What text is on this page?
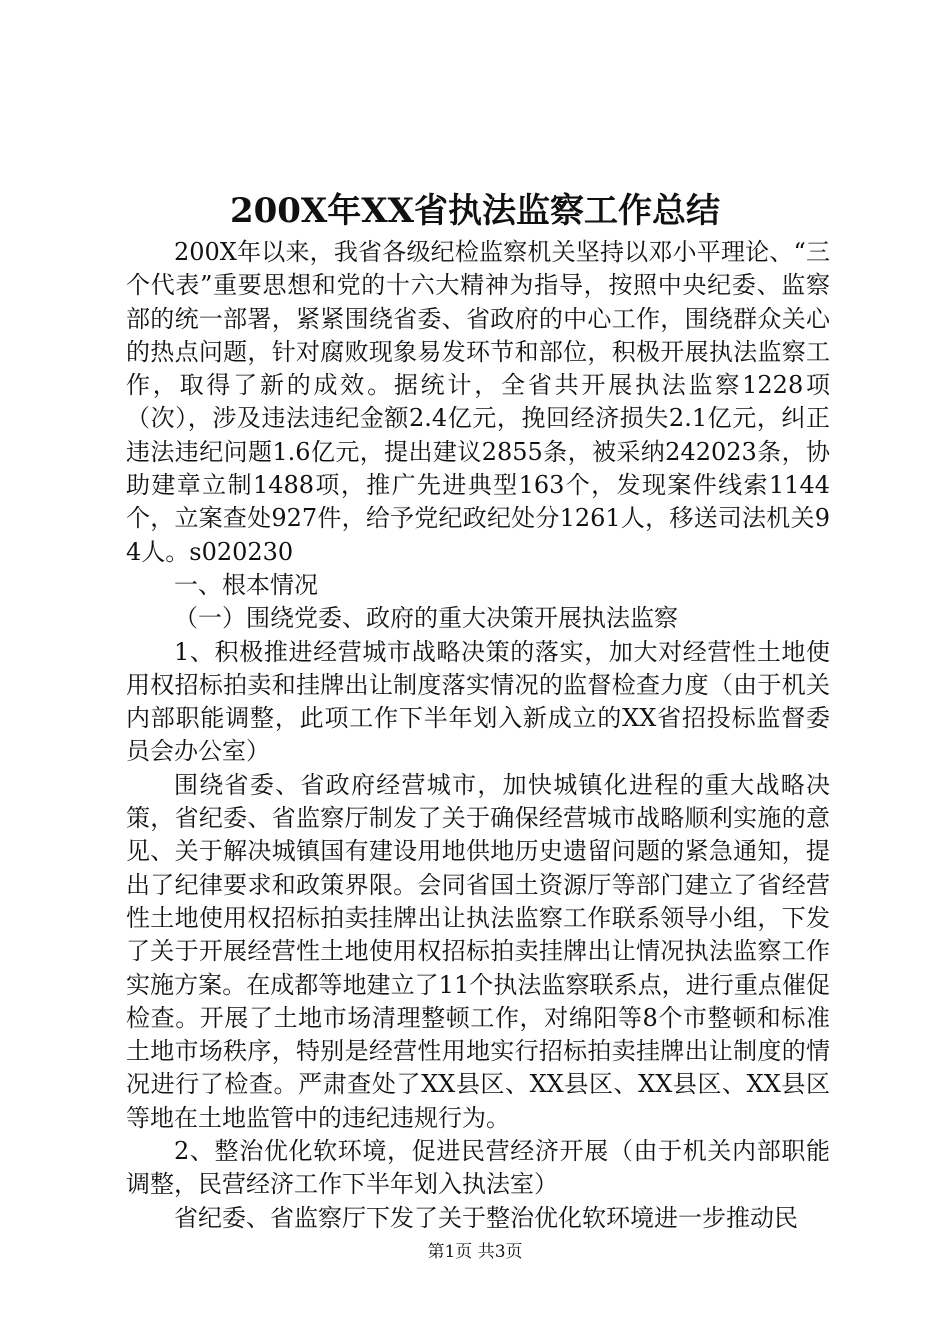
200X年XX省执法监察工作总结

200X年以来，我省各级纪检监察机关坚持以邓小平理论、“三个代表”重要思想和党的十六大精神为指导，按照中央纪委、监察部的统一部署，紧紧围绕省委、省政府的中心工作，围绕群众关心的热点问题，针对腐败现象易发环节和部位，积极开展执法监察工作，取得了新的成效。据统计，全省共开展执法监察1228项（次），涉及违法违纪金额2.4亿元，挽回经济损失2.1亿元，纠正违法违纪问题1.6亿元，提出建议2855条，被采纳242023条，协助建章立制1488项，推广先进典型163个，发现案件线索1144个，立案查处927件，给予党纪政纪处分1261人，移送司法机关94人。s020230

一、根本情况

（一）围绕党委、政府的重大决策开展执法监察

1、积极推进经营城市战略决策的落实，加大对经营性土地使用权招标拍卖和挂牌出让制度落实情况的监督检查力度（由于机关内部职能调整，此项工作下半年划入新成立的XX省招投标监督委员会办公室）

围绕省委、省政府经营城市，加快城镇化进程的重大战略决策，省纪委、省监察厅制发了关于确保经营城市战略顺利实施的意见、关于解决城镇国有建设用地供地历史遗留问题的紧急通知，提出了纪律要求和政策界限。会同省国土资源厅等部门建立了省经营性土地使用权招标拍卖挂牌出让执法监察工作联系领导小组，下发了关于开展经营性土地使用权招标拍卖挂牌出让情况执法监察工作实施方案。在成都等地建立了11个执法监察联系点，进行重点催促检查。开展了土地市场清理整顿工作，对绵阳等8个市整顿和标准土地市场秩序，特别是经营性用地实行招标拍卖挂牌出让制度的情况进行了检查。严肃查处了XX县区、XX县区、XX县区、XX县区等地在土地监管中的违纪违规行为。

2、整治优化软环境，促进民营经济开展（由于机关内部职能调整，民营经济工作下半年划入执法室）

省纪委、省监察厅下发了关于整治优化软环境进一步推动民

第1页 共3页
